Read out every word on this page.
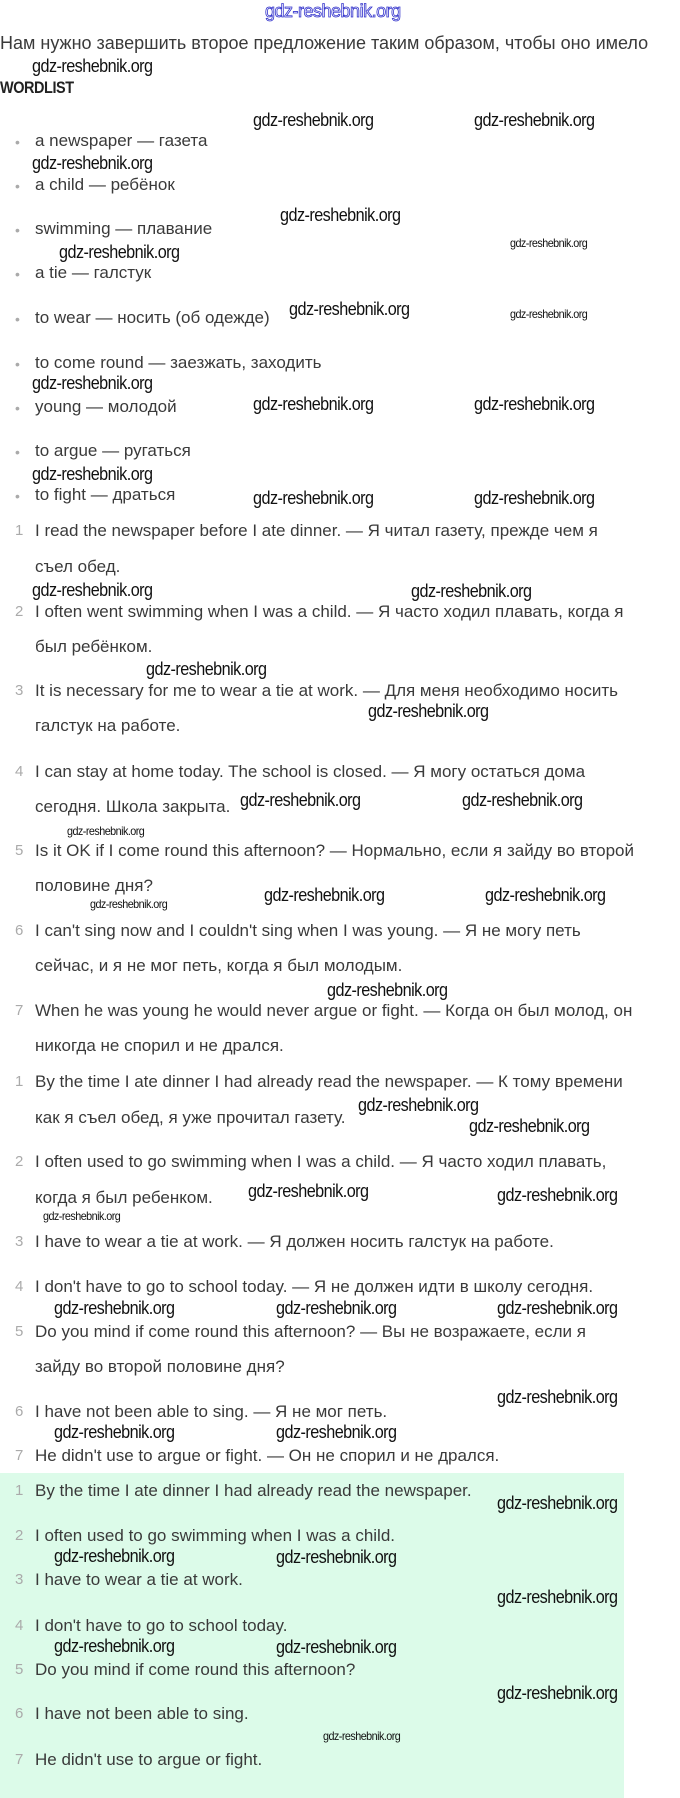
• a newspaper — газета
• a child — ребёнок
• swimming — плавание
• a tie — галстук
• to wear — носить (об одежде)
• to come round — заезжать, заходить
• young — молодой
• to argue — ругаться
• to fight — драться
1 I read the newspaper before I ate dinner. — Я читал газету, прежде чем я
съел обед.
2 I often went swimming when I was a child. — Я часто ходил плавать, когда я
был ребёнком.
3 It is necessary for me to wear a tie at work. — Для меня необходимо носить
галстук на работе.
4 I can stay at home today. The school is closed. — Я могу остаться дома
сегодня. Школа закрыта.
5 Is it OK if I come round this afternoon? — Нормально, если я зайду во второй
половине дня?
6 I can't sing now and I couldn't sing when I was young. — Я не могу петь
сейчас, и я не мог петь, когда я был молодым.
7 When he was young he would never argue or fight. — Когда он был молод, он
никогда не спорил и не дрался.
1 By the time I ate dinner I had already read the newspaper. — К тому времени
как я съел обед, я уже прочитал газету.
2 I often used to go swimming when I was a child. — Я часто ходил плавать,
когда я был ребенком.
3 I have to wear a tie at work. — Я должен носить галстук на работе.
4 I don't have to go to school today. — Я не должен идти в школу сегодня.
5 Do you mind if come round this afternoon? — Вы не возражаете, если я
зайду во второй половине дня?
6 I have not been able to sing. — Я не мог петь.
7 He didn't use to argue or fight. — Он не спорил и не дрался.
1 By the time I ate dinner I had already read the newspaper.
2 I often used to go swimming when I was a child.
3 I have to wear a tie at work.
4 I don't have to go to school today.
5 Do you mind if come round this afternoon?
6 I have not been able to sing.
7 He didn't use to argue or fight.
gdz-reshebnik.org
gdz-reshebnik.org	gdz-reshebnik.org
gdz-reshebnik.org
gdz-reshebnik.org
gdz-reshebnik.org
gdz-reshebnik.org
gdz-reshebnik.org	gdz-reshebnik.org
gdz-reshebnik.org
gdz-reshebnik.org	gdz-reshebnik.org
gdz-reshebnik.org
gdz-reshebnik.org	gdz-reshebnik.org
gdz-reshebnik.org	gdz-reshebnik.org
gdz-reshebnik.org
gdz-reshebnik.org
gdz-reshebnik.org
gdz-reshebnik.org	gdz-reshebnik.org
gdz-reshebnik.org	gdz-reshebnik.org	gdz-reshebnik.org
gdz-reshebnik.org
gdz-reshebnik.org
gdz-reshebnik.org
gdz-reshebnik.org	gdz-reshebnik.org
gdz-reshebnik.org
gdz-reshebnik.org	gdz-reshebnik.org	gdz-reshebnik.org
gdz-reshebnik.org
gdz-reshebnik.org	gdz-reshebnik.org
gdz-reshebnik.org
gdz-reshebnik.org	gdz-reshebnik.org
gdz-reshebnik.org
gdz-reshebnik.org	gdz-reshebnik.org
gdz-reshebnik.org
gdz-reshebnik.org
gdz-reshebnik.org
Нам нужно завершить второе предложение таким образом, чтобы оно имело
WORDLIST
